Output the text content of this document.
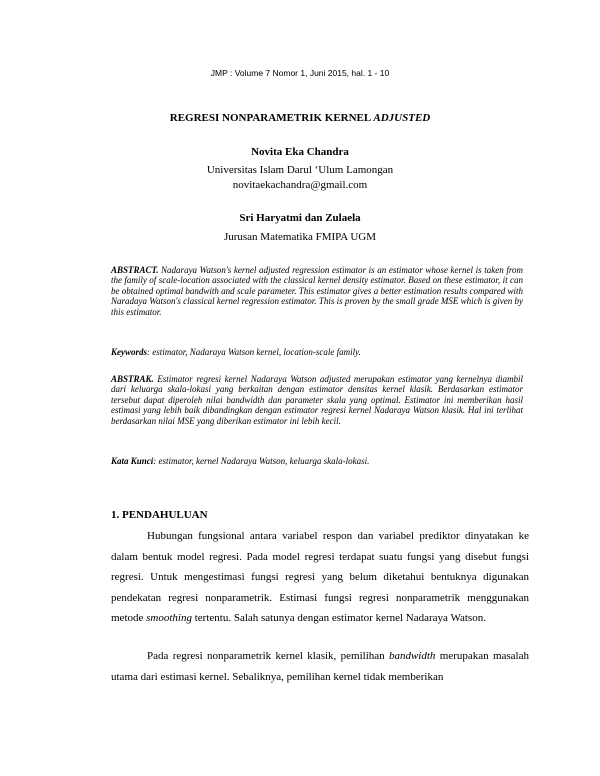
JMP : Volume 7 Nomor 1, Juni 2015, hal. 1 - 10
REGRESI NONPARAMETRIK KERNEL ADJUSTED
Novita Eka Chandra
Universitas Islam Darul ‘Ulum Lamongan
novitaekachandra@gmail.com
Sri Haryatmi dan Zulaela
Jurusan Matematika FMIPA UGM
ABSTRACT. Nadaraya Watson's kernel adjusted regression estimator is an estimator whose kernel is taken from the family of scale-location associated with the classical kernel density estimator. Based on these estimator, it can be obtained optimal bandwith and scale parameter. This estimator gives a better estimation results compared with Naradaya Watson's classical kernel regression estimator. This is proven by the small grade MSE which is given by this estimator.
Keywords: estimator, Nadaraya Watson kernel, location-scale family.
ABSTRAK. Estimator regresi kernel Nadaraya Watson adjusted merupakan estimator yang kernelnya diambil dari keluarga skala-lokasi yang berkaitan dengan estimator densitas kernel klasik. Berdasarkan estimator tersebut dapat diperoleh nilai bandwidth dan parameter skala yang optimal. Estimator ini memberikan hasil estimasi yang lebih baik dibandingkan dengan estimator regresi kernel Nadaraya Watson klasik. Hal ini terlihat berdasarkan nilai MSE yang diberikan estimator ini lebih kecil.
Kata Kunci: estimator, kernel Nadaraya Watson, keluarga skala-lokasi.
1. PENDAHULUAN
Hubungan fungsional antara variabel respon dan variabel prediktor dinyatakan ke dalam bentuk model regresi. Pada model regresi terdapat suatu fungsi yang disebut fungsi regresi. Untuk mengestimasi fungsi regresi yang belum diketahui bentuknya digunakan pendekatan regresi nonparametrik. Estimasi fungsi regresi nonparametrik menggunakan metode smoothing tertentu. Salah satunya dengan estimator kernel Nadaraya Watson.
Pada regresi nonparametrik kernel klasik, pemilihan bandwidth merupakan masalah utama dari estimasi kernel. Sebaliknya, pemilihan kernel tidak memberikan
